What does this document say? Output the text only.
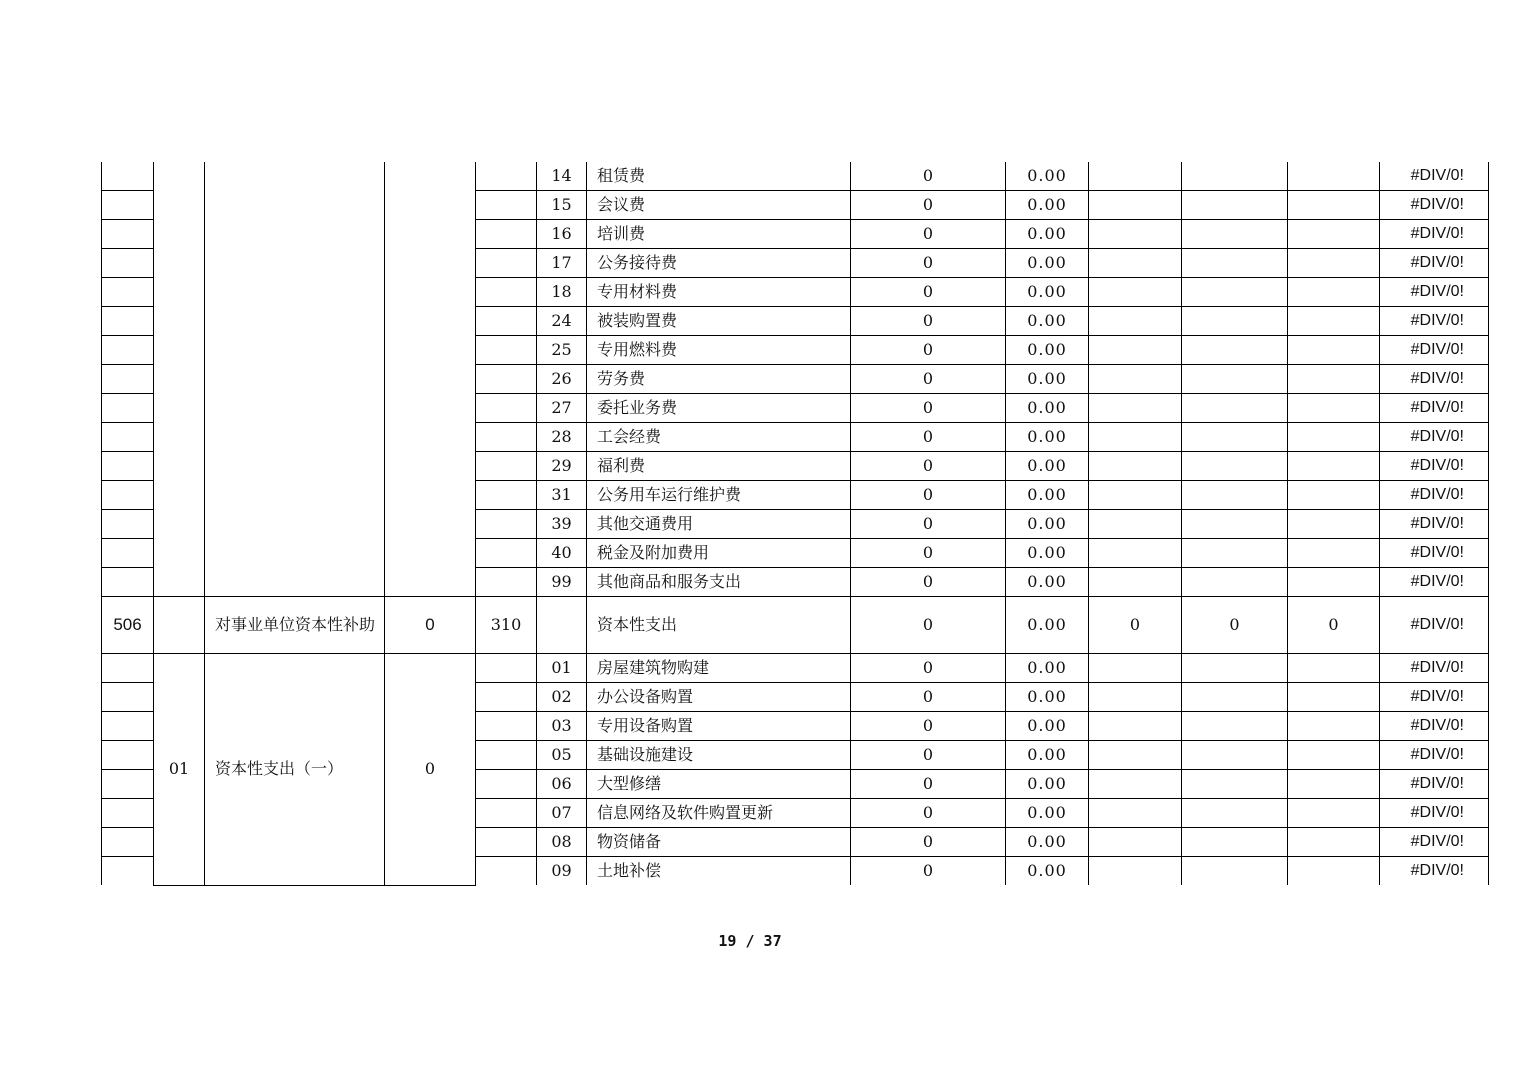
					14	租赁费	0	0.00				#DIV/0!
					15	会议费	0	0.00				#DIV/0!
					16	培训费	0	0.00				#DIV/0!
					17	公务接待费	0	0.00				#DIV/0!
					18	专用材料费	0	0.00				#DIV/0!
					24	被装购置费	0	0.00				#DIV/0!
					25	专用燃料费	0	0.00				#DIV/0!
					26	劳务费	0	0.00				#DIV/0!
					27	委托业务费	0	0.00				#DIV/0!
					28	工会经费	0	0.00				#DIV/0!
					29	福利费	0	0.00				#DIV/0!
					31	公务用车运行维护费	0	0.00				#DIV/0!
					39	其他交通费用	0	0.00				#DIV/0!
					40	税金及附加费用	0	0.00				#DIV/0!
					99	其他商品和服务支出	0	0.00				#DIV/0!
506		对事业单位资本性补助	0	310		资本性支出	0	0.00	0	0	0	#DIV/0!
	01	资本性支出（一）	0		01	房屋建筑物购建	0	0.00				#DIV/0!
					02	办公设备购置	0	0.00				#DIV/0!
					03	专用设备购置	0	0.00				#DIV/0!
					05	基础设施建设	0	0.00				#DIV/0!
					06	大型修缮	0	0.00				#DIV/0!
					07	信息网络及软件购置更新	0	0.00				#DIV/0!
					08	物资储备	0	0.00				#DIV/0!
					09	土地补偿	0	0.00				#DIV/0!
19 / 37
